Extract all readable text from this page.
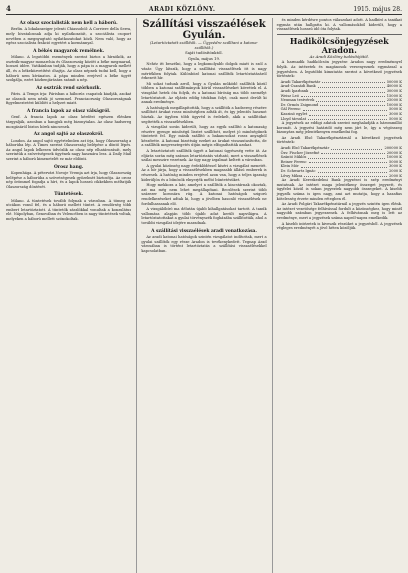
4	ARADI KÖZLÖNY.	1915. május 28.
Az olasz szocialisták nem kell a háború.

Berlin. A lokalanzeiger jelenti Chiassoból: A Corriere della Serra, mely hivatalosnak adja ki nyilatkozatát, a szociálista csoport nevében a megnyugtató nyilatkozatokat közli. Nem való, hogy az egész szocialista frakció egyetért a kormánnyal.

A békés magyarok remélnek.

Milano. A legutóbbi események szerint biztos a hírnökök, az osztrák-magyar monarchia és Olaszország között a béke megmarad, hosszú időre. Vatikánban tudják, hogy a pápa is a magyarok mellett áll, és a békeközvetítést óhajtja. Az olasz népnek tudni kell, hogy a háború nem kívánatos. A pápa minden erejével a béke ügyét szolgálja, ezért közbenjárására számít a nép.

Az osztrák rend szórkozik.

Páris. A Temps írja: Párisban a háborús csapatok kiadják, azokat az olaszok nem nézik jó szemmel. Franciaország Olaszországnak figyelmeztetést küldött a helyzet miatt.

A francia lapok az olasz válságról.

Genf. A francia lapok az olasz kérdést egészen élénken tárgyalják, azonban a hangjuk még bizonytalan. Az olasz hadsereg mozgásáról biztos hírek nincsenek.

Az angol sajtó az olaszokról.

London. Az angol sajtó egyértelműen azt írja, hogy Olaszország a háborúba lép. A Times szerint Olaszország belépése a döntő lépés. Az angol lapok lelkesen üdvözlik az olasz nép elhatározását, mely szerintük a szövetségesek ügyének nagy hasznára lesz. A Daily Mail szerint a háború kimenetelét ez már eldönti.

Orosz hang.

Kopenhága. A pétervári Novoje Vremja azt írja, hogy Olaszország belépése a háborúba a szövetségesek győzelmét biztosítja. Az orosz nép örömmel fogadja a hírt, és a lapok hosszú cikkekben méltatják Olaszország döntését.

Tüntetések.

Milano. A tüntetések tovább folynak a városban. A tömeg az utcákon vonul fel, és a háború mellett tüntet. A rendőrség több embert letartóztatott. A tüntetők zászlókkal vonultak a konzulátus elé. Nápolyban, Genovában és Velencében is nagy tüntetések voltak, melyeken a háború mellett szónokoltak.

Szállítási visszaélések Gyulán.
(Letartóztatott szállítók. — Ügyvédre szálltani a katona-szállítók.)
Saját tudósítónktól.
Gyula, május 19.

Nehéz itt beszélni, hogy a legkomolyabb dolgok miatt is szól a vásár. Úgy látszik, hogy a szállítási visszaélések itt is nagy mértékben folytak. Különböző katonai szállítók letartóztatásáról érkezett hír.

Mi sokat tudunk arról, hogy a Gyulán működő szállítók közül többen a katonai szállítmányok körül visszaéléseket követtek el. A vizsgálat hetek óta folyik, és a katonai bíróság ma több személyt letartóztatott. Az eljárás eddig titokban folyt, csak most derült ki annak eredménye.

A hatóságok megállapították, hogy a szállítók a hadsereg részére szállított árukat rossz minőségben adták át, és így jelentős hasznot húztak. Az ügyben több ügyvéd is érdekelt, akik a szállítókat segítették a visszaélésekben.

A vizsgálat során kiderült, hogy az egyik szállító a katonaság részére gyenge minőségű lisztet szállított, melyet jó minőségűnek tüntetett fel. Egy másik szállító a bakancsokat rossz anyagból készítette. A katonai bizottság ezeket az árukat visszautasította, de a szállítók megvesztegetés útján mégis elfogadtatták azokat.

A letartóztatott szállítók ügyét a katonai ügyészség vette át. Az eljárás során még számos letartóztatás várható, mert a visszaélések szálai messzire vezetnek. Az ügy nagy izgalmat keltett a városban.

A gyulai közönség nagy érdeklődéssel kíséri a vizsgálat menetét. Az a hír járja, hogy a visszaélésekben magasabb állású emberek is részesek. A hatóság minden erejével azon van, hogy a teljes igazság kiderüljön és a bűnösök elnyerjék méltó büntetésüket.

Hogy mekkora a kár, amelyet a szállítók a kincstárnak okoztak, azt ma még nem lehet megállapítani. Becslések szerint több százezer koronára rúg. A katonai hatóságok szigorú rendelkezéseket adtak ki, hogy a jövőben hasonló visszaélések ne fordulhassanak elő.

A vizsgálóbíró ma délután újabb kihallgatásokat tartott. A tanúk vallomása alapján több újabb adat került napvilágra. A letartóztatottakat a gyulai törvényszék fogházába szállították, ahol a további vizsgálat idejére maradnak.

A szállítási visszaélések aradi vonatkozása.

Az aradi katonai hatóságok szintén vizsgálatot indítottak, mert a gyulai szállítók egy része Aradon is tevékenykedett. Tegnap Arad városában is történt letartóztatás a szállítási visszaélésekkel kapcsolatban.

és minden kérdésre pontos válaszokat adott. A hadbíró a tanúkat egymás után hallgatta ki. A vallomásokból kiderült, hogy a visszaélések hosszú idő óta folytak.

Hadikölcsönjegyzések Aradon.
Az Aradi Közlöny tudósítójától.

A harmadik hadikölcsön jegyzése Aradon nagy eredménnyel folyik. Az intézetek és magánosok versenyeznek egymással a jegyzésben. A legutóbbi kimutatás szerint a következő jegyzések történtek:

Aradi Takarékpénztár	50000 K
Arad-Csanádi Bank	40000 K
Aradi Iparbank	30000 K
Weisz Leó	15000 K
Neuman testvérek	25000 K
Dr. Ormós Zsigmond	10000 K
Gál Ferenc	5000 K
Kaszinó egylet	3000 K
Lloyd társulat	5000 K

A jegyzések az eddigi adatok szerint meghaladják a hárommillió koronát. A jegyzési határidő még nem járt le, így a végösszeg bizonyára még jelentékenyen emelkedni fog.

Az Aradi Első Takarékpénztárnál a következő jegyzések történtek:

Aradi Első Takarékpénztár	200000 K
Özv. Fischer Józsefné	20000 K
Szántó Miklós	10000 K
Reiner Ferenc	5000 K
Klein Mór	3000 K
Dr. Schwartz Ignác	2000 K
Lőwy Miksa	2000 K

Az Aradi Kereskedelmi Bank jegyzései is szép eredményt mutatnak. Az intézet maga jelentékeny összeget jegyzett, és ügyfelei közül is sokan jegyeztek nagyobb összegeket. A kisebb jegyzők száma is igen nagy, ami azt mutatja, hogy a hazafias kötelesség érzete minden rétegben él.

Az Aradi Polgári Takarékpénztárnál a jegyzés szintén igen élénk. Az intézet vezetősége felhívással fordult a közönséghez, hogy minél nagyobb számban jegyezzenek. A felhívásnak meg is lett az eredménye, mert a jegyzések száma napról-napra emelkedik.

A kisebb intézetek is kiveszik részüket a jegyzésből. A jegyzések végleges eredményét a jövő héten közöljük.
